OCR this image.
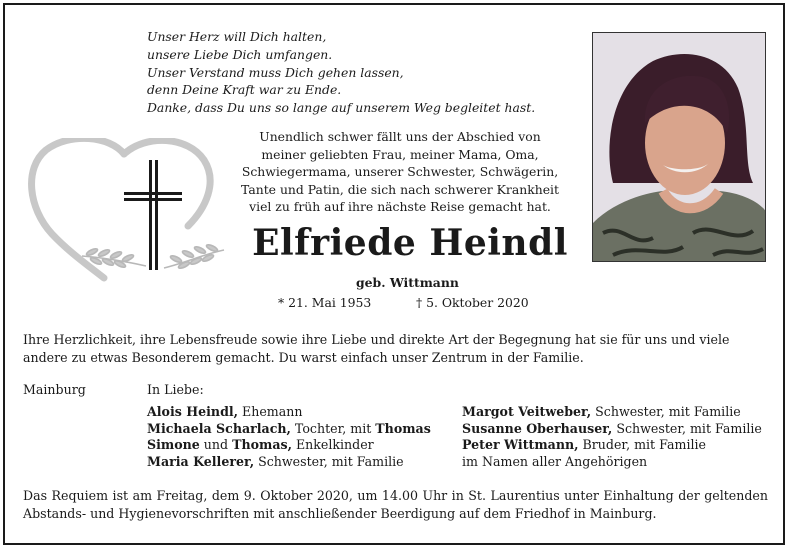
Unser Herz will Dich halten,
unsere Liebe Dich umfangen.
Unser Verstand muss Dich gehen lassen,
denn Deine Kraft war zu Ende.
Danke, dass Du uns so lange auf unserem Weg begleitet hast.
Unendlich schwer fällt uns der Abschied von
meiner geliebten Frau, meiner Mama, Oma,
Schwiegermama, unserer Schwester, Schwägerin,
Tante und Patin, die sich nach schwerer Krankheit
viel zu früh auf ihre nächste Reise gemacht hat.
Elfriede Heindl
geb. Wittmann
* 21. Mai 1953	† 5. Oktober 2020
Ihre Herzlichkeit, ihre Lebensfreude sowie ihre Liebe und direkte Art der Begegnung hat sie für uns und viele andere zu etwas Besonderem gemacht. Du warst einfach unser Zentrum in der Familie.
Mainburg	In Liebe:
Alois Heindl, Ehemann
Michaela Scharlach, Tochter, mit Thomas
Simone und Thomas, Enkelkinder
Maria Kellerer, Schwester, mit Familie
Margot Veitweber, Schwester, mit Familie
Susanne Oberhauser, Schwester, mit Familie
Peter Wittmann, Bruder, mit Familie
im Namen aller Angehörigen
Das Requiem ist am Freitag, dem 9. Oktober 2020, um 14.00 Uhr in St. Laurentius unter Einhaltung der geltenden Abstands- und Hygienevorschriften mit anschließender Beerdigung auf dem Friedhof in Mainburg.
